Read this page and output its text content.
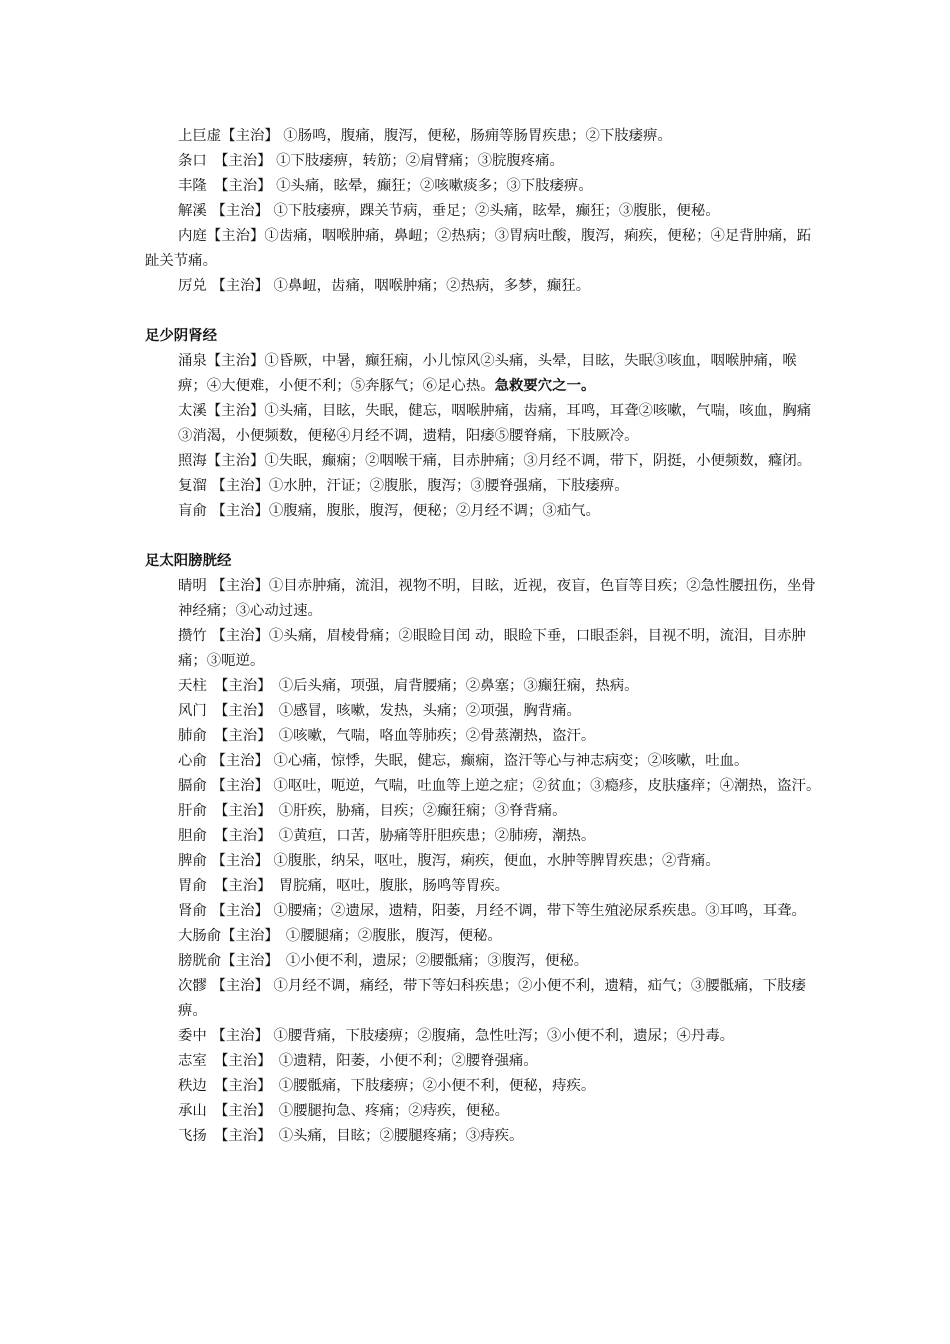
上巨虚【主治】 ①肠鸣，腹痛，腹泻，便秘，肠痈等肠胃疾患；②下肢痿痹。

条口　【主治】 ①下肢痿痹，转筋；②肩臂痛；③脘腹疼痛。

丰隆　【主治】 ①头痛，眩晕，癫狂；②咳嗽痰多；③下肢痿痹。

解溪 【主治】 ①下肢痿痹，踝关节病，垂足；②头痛，眩晕，癫狂；③腹胀，便秘。

内庭【主治】①齿痛，咽喉肿痛，鼻衄；②热病；③胃病吐酸，腹泻，痢疾，便秘；④足背肿痛，跖趾关节痛。

厉兑 【主治】 ①鼻衄，齿痛，咽喉肿痛；②热病，多梦，癫狂。

足少阴肾经

涌泉【主治】①昏厥，中暑，癫狂痫，小儿惊风②头痛，头晕，目眩，失眠③咳血，咽喉肿痛，喉痹；④大便难，小便不利；⑤奔豚气；⑥足心热。急救要穴之一。

太溪【主治】①头痛，目眩，失眠，健忘，咽喉肿痛，齿痛，耳鸣，耳聋②咳嗽，气喘，咳血，胸痛 ③消渴，小便频数，便秘④月经不调，遗精，阳痿⑤腰脊痛，下肢厥冷。

照海【主治】①失眠，癫痫；②咽喉干痛，目赤肿痛；③月经不调，带下，阴挺，小便频数，癃闭。

复溜 【主治】①水肿，汗证；②腹胀，腹泻；③腰脊强痛，下肢痿痹。

肓俞 【主治】①腹痛，腹胀，腹泻，便秘；②月经不调；③疝气。

足太阳膀胱经

睛明 【主治】①目赤肿痛，流泪，视物不明，目眩，近视，夜盲，色盲等目疾；②急性腰扭伤，坐骨神经痛；③心动过速。

攒竹 【主治】①头痛，眉棱骨痛；②眼睑目闰 动，眼睑下垂，口眼歪斜，目视不明，流泪，目赤肿痛；③呃逆。

天柱　【主治】　①后头痛，项强，肩背腰痛；②鼻塞；③癫狂痫，热病。

风门　【主治】　①感冒，咳嗽，发热，头痛；②项强，胸背痛。

肺俞　【主治】　①咳嗽，气喘，咯血等肺疾；②骨蒸潮热，盗汗。

心俞 【主治】 ①心痛，惊悸，失眠，健忘，癫痫，盗汗等心与神志病变；②咳嗽，吐血。

膈俞 【主治】 ①呕吐，呃逆，气喘，吐血等上逆之症；②贫血；③瘾疹，皮肤瘙痒；④潮热，盗汗。

肝俞　【主治】　①肝疾，胁痛，目疾；②癫狂痫；③脊背痛。

胆俞　【主治】　①黄疸，口苦，胁痛等肝胆疾患；②肺痨，潮热。

脾俞 【主治】 ①腹胀，纳呆，呕吐，腹泻，痢疾，便血，水肿等脾胃疾患；②背痛。

胃俞　【主治】　胃脘痛，呕吐，腹胀，肠鸣等胃疾。

肾俞 【主治】 ①腰痛；②遗尿，遗精，阳萎，月经不调，带下等生殖泌尿系疾患。③耳鸣，耳聋。

大肠俞【主治】　①腰腿痛；②腹胀，腹泻，便秘。

膀胱俞【主治】　①小便不利，遗尿；②腰骶痛；③腹泻，便秘。

次髎 【主治】 ①月经不调，痛经，带下等妇科疾患；②小便不利，遗精，疝气；③腰骶痛，下肢痿痹。

委中 【主治】 ①腰背痛，下肢痿痹；②腹痛，急性吐泻；③小便不利，遗尿；④丹毒。

志室　【主治】　①遗精，阳萎，小便不利；②腰脊强痛。

秩边　【主治】　①腰骶痛，下肢痿痹；②小便不利，便秘，痔疾。

承山　【主治】　①腰腿拘急、疼痛；②痔疾，便秘。

飞扬　【主治】　①头痛，目眩；②腰腿疼痛；③痔疾。
